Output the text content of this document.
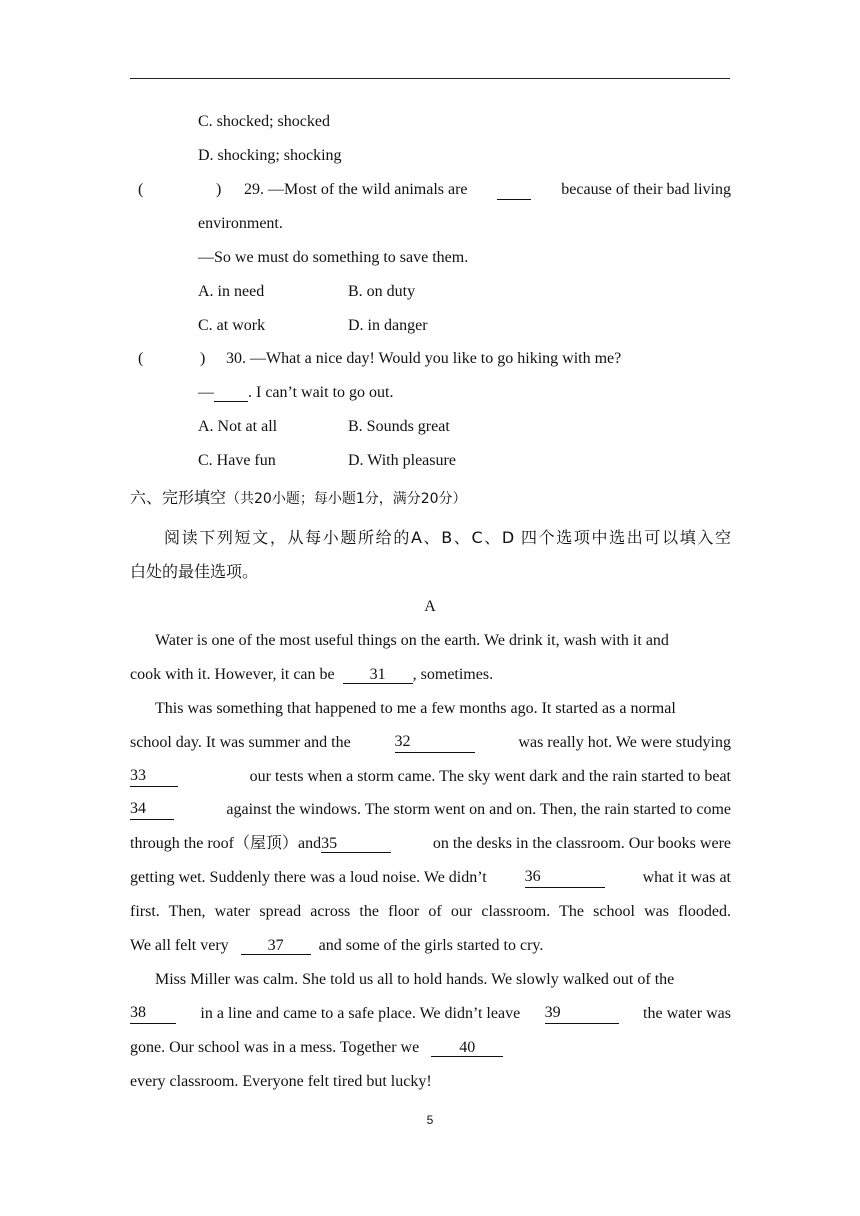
C. shocked; shocked
D. shocking; shocking
(	) 29. —Most of the wild animals are
	because of their bad living
environment.
—So we must do something to save them.
A. in need	B. on duty
C. at work	D. in danger
(	) 30. —What a nice day! Would you like to go hiking with me?
— . I can’t wait to go out.
A. Not at all	B. Sounds great
C. Have fun	D. With pleasure
六、完形填空（共20小题；每小题1分，满分20分）
阅读下列短文，从每小题所给的A、B、C、D 四个选项中选出可以填入空
白处的最佳选项。
A
Water is one of the most useful things on the earth. We drink it, wash with it and
cook with it. However, it can be 31 , sometimes.
This was something that happened to me a few months ago. It started as a normal
school day. It was summer and the	32	was really hot. We were studying
33	our tests when a storm came. The sky went dark and the rain started to beat
34	against the windows. The storm went on and on. Then, the rain started to come
through the roof（屋顶）and35	on the desks in the classroom. Our books were
getting wet. Suddenly there was a loud noise. We didn’t 36	what it was at
first. Then, water spread across the floor of our classroom. The school was flooded.
We all felt very 37 and some of the girls started to cry.
Miss Miller was calm. She told us all to hold hands. We slowly walked out of the
38	in a line and came to a safe place. We didn’t leave 39	the water was
gone. Our school was in a mess. Together we	40
every classroom. Everyone felt tired but lucky!
5
